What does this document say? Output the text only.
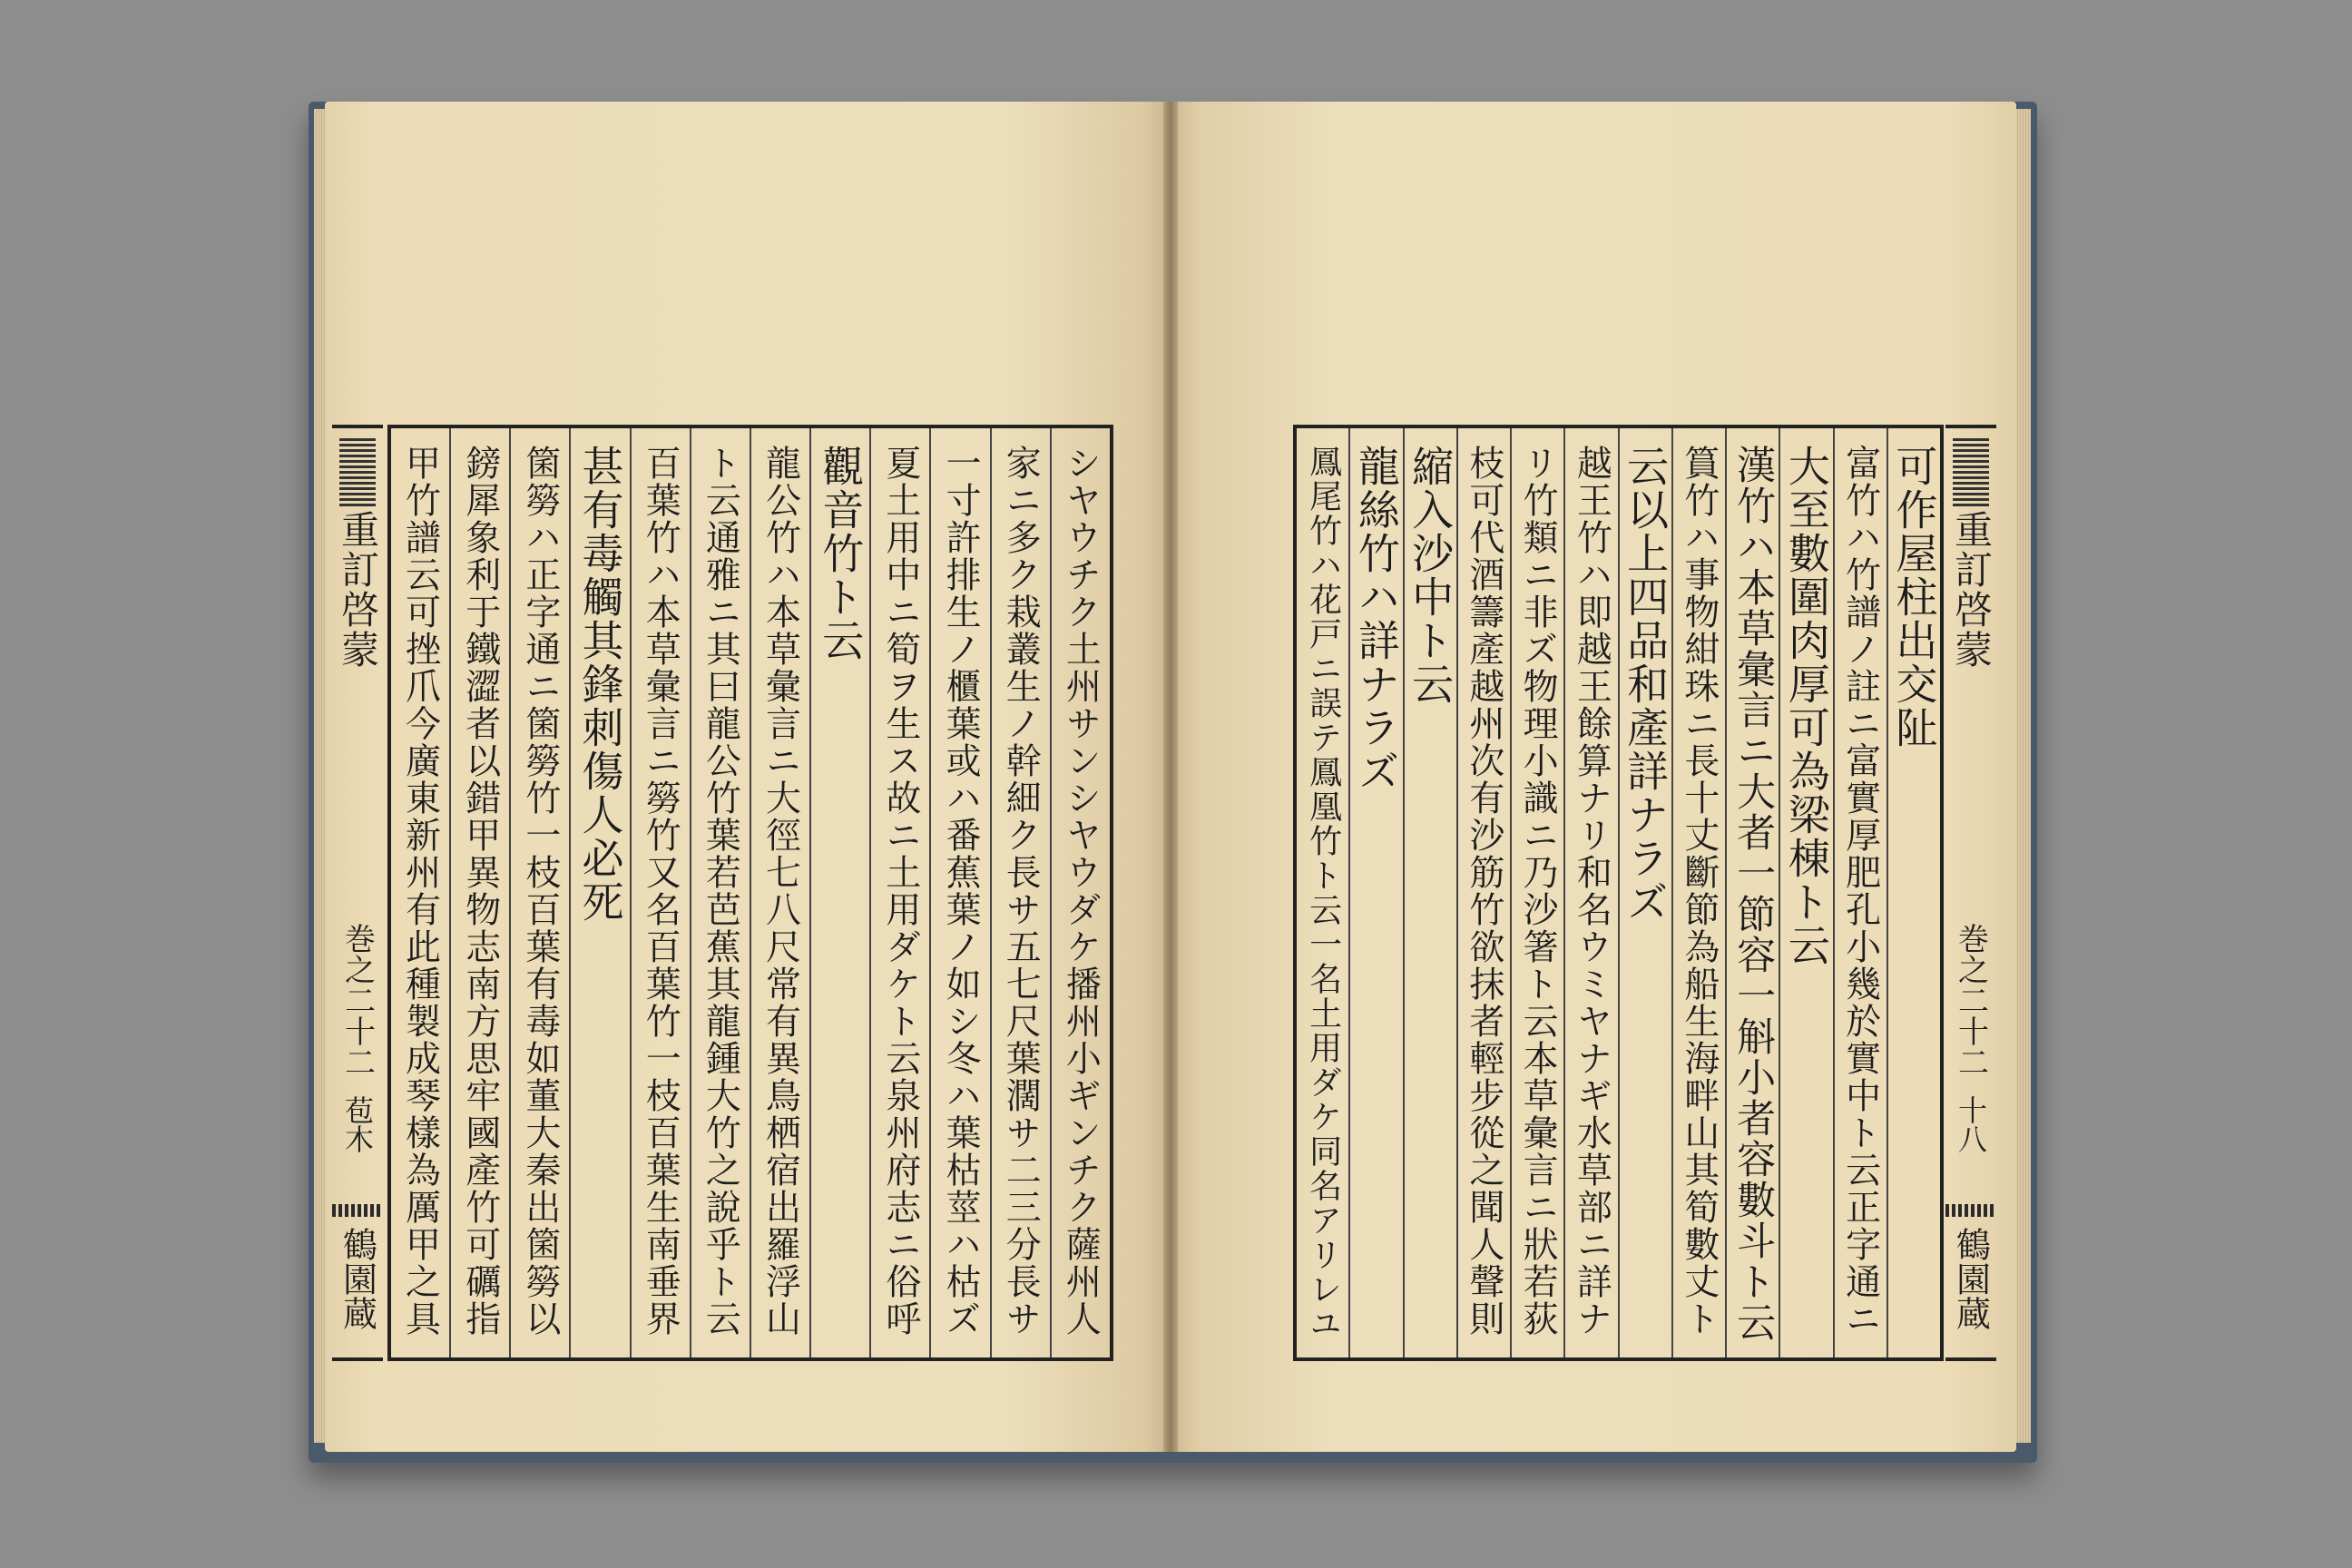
重訂啓蒙
巻之二十二
苞木
鶴園蔵	シヤウチク土州サンシヤウダケ播州小ギンチク薩州人
家ニ多ク栽叢生ノ幹細ク長サ五七尺葉濶サ二三分長サ
一寸許排生ノ櫃葉或ハ番蕉葉ノ如シ冬ハ葉枯莖ハ枯ズ
夏土用中ニ筍ヲ生ス故ニ土用ダケト云泉州府志ニ俗呼
觀音竹ト云
龍公竹ハ本草彙言ニ大徑七八尺常有異鳥栖宿出羅浮山
ト云通雅ニ其曰龍公竹葉若芭蕉其龍鍾大竹之說乎ト云
百葉竹ハ本草彙言ニ簩竹又名百葉竹一枝百葉生南垂界
甚有毒觸其鋒刺傷人必死
箘簩ハ正字通ニ箘簩竹一枝百葉有毒如董大秦出箘簩以
鎊犀象利于鐵澀者以錯甲異物志南方思牢國產竹可礪指
甲竹譜云可挫爪今廣東新州有此種製成琴樣為厲甲之具	可作屋柱出交阯
富竹ハ竹譜ノ註ニ富實厚肥孔小幾於實中ト云正字通ニ
大至數圍肉厚可為梁棟ト云
漢竹ハ本草彙言ニ大者一節容一斛小者容數斗ト云
篔竹ハ事物紺珠ニ長十丈斷節為船生海畔山其筍數丈ト
云以上四品和產詳ナラズ
越王竹ハ即越王餘算ナリ和名ウミヤナギ水草部ニ詳ナ
リ竹類ニ非ズ物理小識ニ乃沙箸ト云本草彙言ニ狀若荻
枝可代酒籌產越州次有沙筋竹欲抹者輕步從之聞人聲則
縮入沙中ト云
龍絲竹ハ詳ナラズ
鳳尾竹ハ花戸ニ誤テ鳳凰竹ト云一名土用ダケ同名アリレユ	重訂啓蒙
巻之二十二
十八
鶴園蔵
